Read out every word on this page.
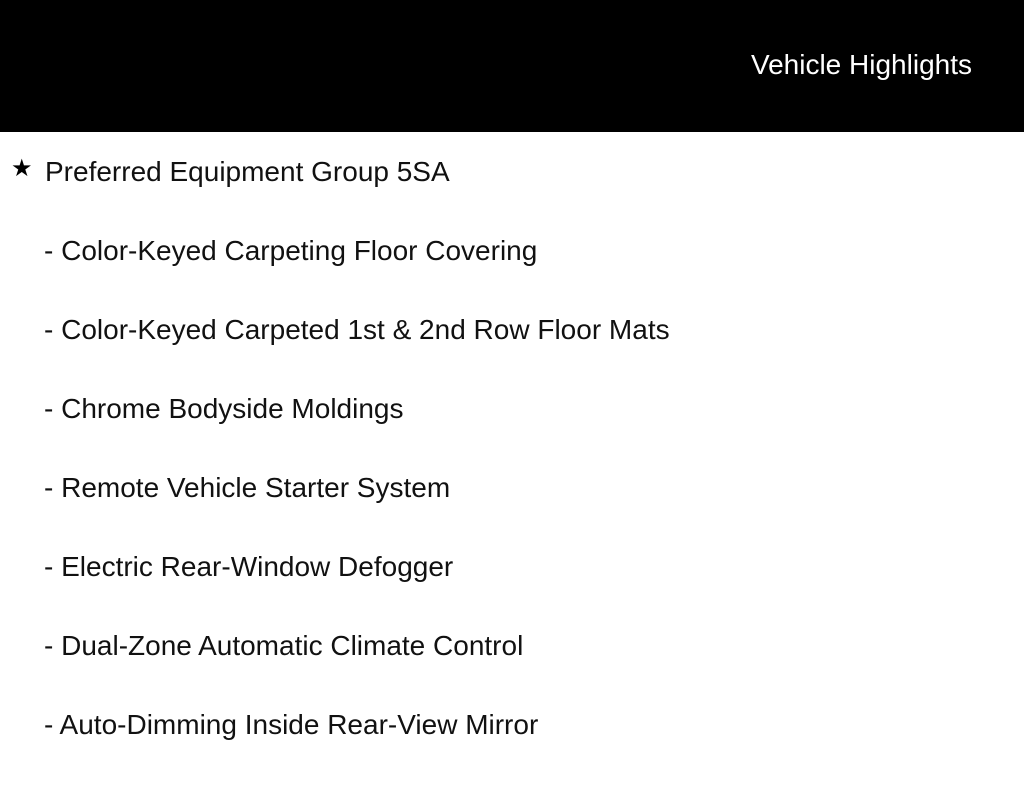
Vehicle Highlights
★ Preferred Equipment Group 5SA
- Color-Keyed Carpeting Floor Covering
- Color-Keyed Carpeted 1st & 2nd Row Floor Mats
- Chrome Bodyside Moldings
- Remote Vehicle Starter System
- Electric Rear-Window Defogger
- Dual-Zone Automatic Climate Control
- Auto-Dimming Inside Rear-View Mirror
